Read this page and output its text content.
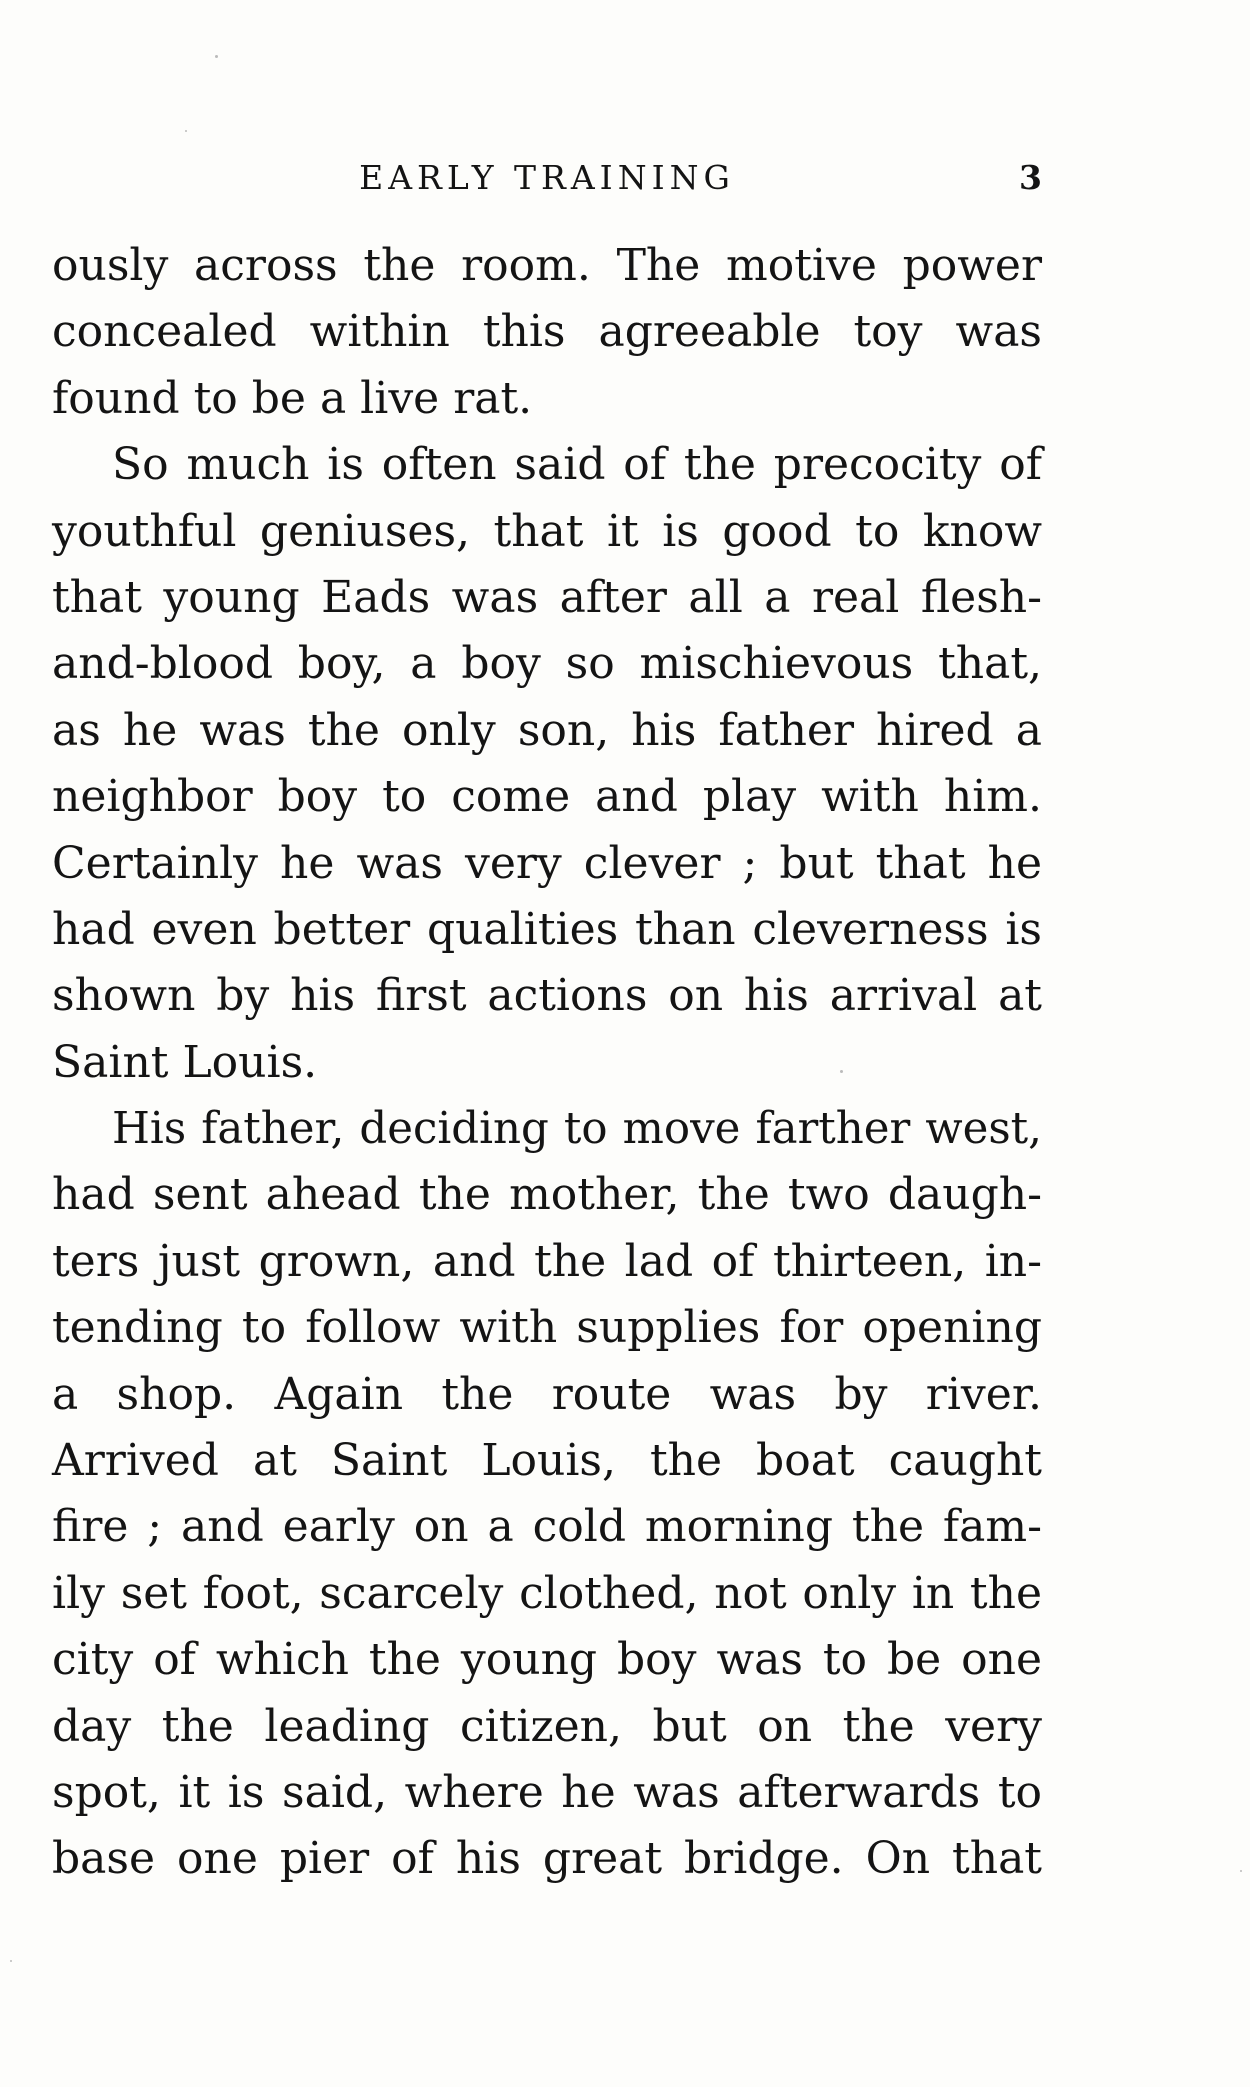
EARLY TRAINING	3
ously across the room. The motive power
concealed within this agreeable toy was
found to be a live rat.
So much is often said of the precocity of
youthful geniuses, that it is good to know
that young Eads was after all a real flesh-
and-blood boy, a boy so mischievous that,
as he was the only son, his father hired a
neighbor boy to come and play with him.
Certainly he was very clever ; but that he
had even better qualities than cleverness is
shown by his first actions on his arrival at
Saint Louis.
His father, deciding to move farther west,
had sent ahead the mother, the two daugh-
ters just grown, and the lad of thirteen, in-
tending to follow with supplies for opening
a shop. Again the route was by river.
Arrived at Saint Louis, the boat caught
fire ; and early on a cold morning the fam-
ily set foot, scarcely clothed, not only in the
city of which the young boy was to be one
day the leading citizen, but on the very
spot, it is said, where he was afterwards to
base one pier of his great bridge. On that
